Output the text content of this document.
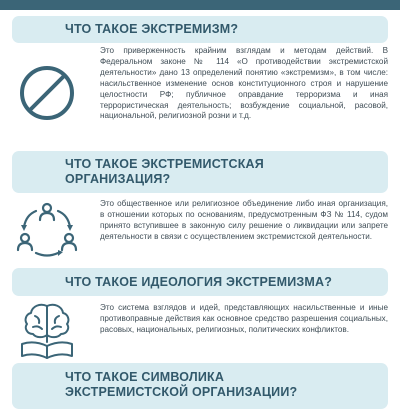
ЧТО ТАКОЕ ЭКСТРЕМИЗМ?
Это приверженность крайним взглядам и методам действий. В Федеральном законе № 114 «О противодействии экстремистской деятельности» дано 13 определений понятию «экстремизм», в том числе: насильственное изменение основ конституционного строя и нарушение целостности РФ; публичное оправдание терроризма и иная террористическая деятельность; возбуждение социальной, расовой, национальной, религиозной розни и т.д.
ЧТО ТАКОЕ ЭКСТРЕМИСТСКАЯ
ОРГАНИЗАЦИЯ?
Это общественное или религиозное объединение либо иная организация, в отношении которых по основаниям, предусмотренным ФЗ № 114, судом принято вступившее в законную силу решение о ликвидации или запрете деятельности в связи с осуществлением экстремистской деятельности.
ЧТО ТАКОЕ ИДЕОЛОГИЯ ЭКСТРЕМИЗМА?
Это система взглядов и идей, представляющих насильственные и иные противоправные действия как основное средство разрешения социальных, расовых, национальных, религиозных, политических конфликтов.
ЧТО ТАКОЕ СИМВОЛИКА
ЭКСТРЕМИСТСКОЙ ОРГАНИЗАЦИИ?
